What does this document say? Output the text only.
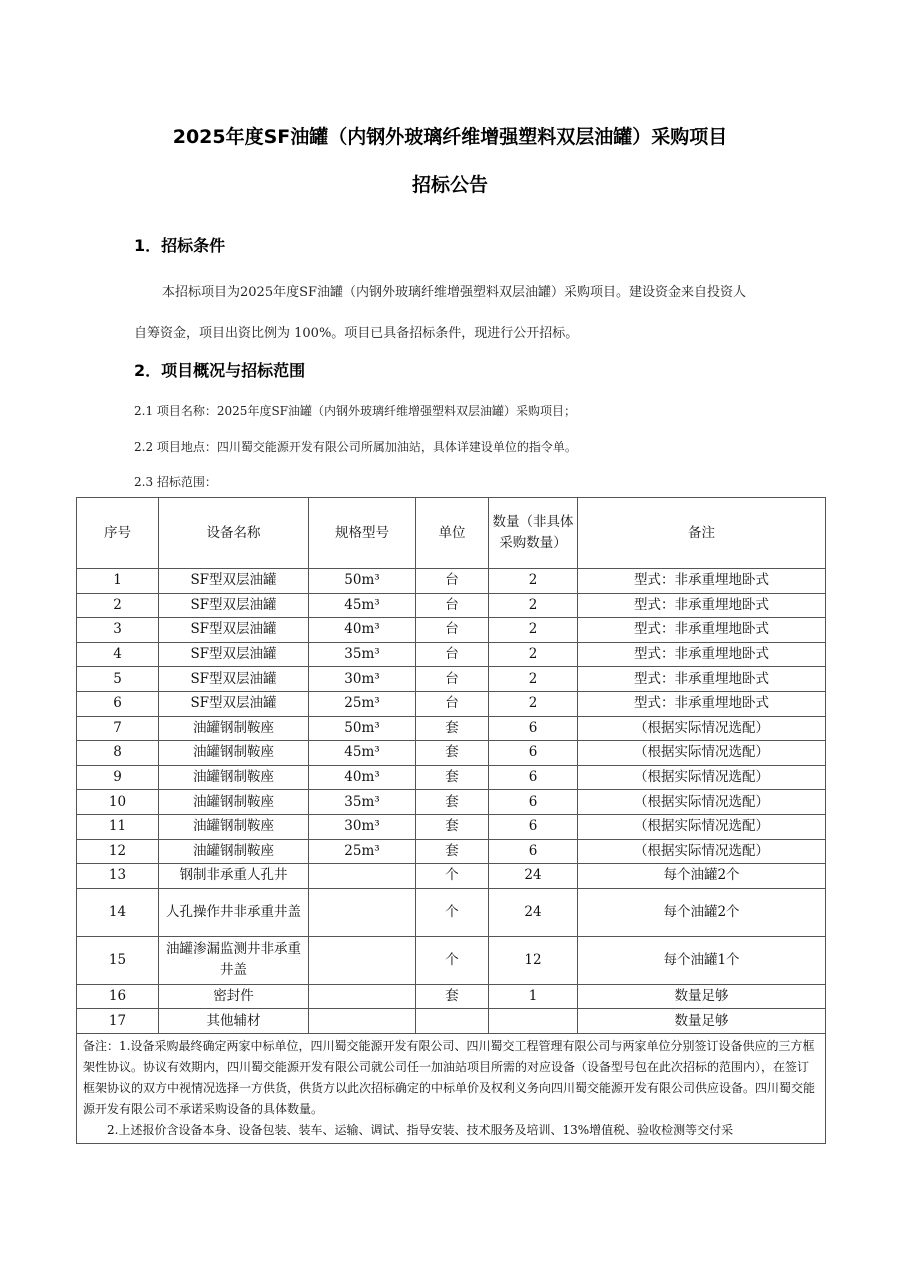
2025年度SF油罐（内钢外玻璃纤维增强塑料双层油罐）采购项目
招标公告
1．招标条件
本招标项目为2025年度SF油罐（内钢外玻璃纤维增强塑料双层油罐）采购项目。建设资金来自投资人
自筹资金，项目出资比例为 100%。项目已具备招标条件，现进行公开招标。
2．项目概况与招标范围
2.1 项目名称：2025年度SF油罐（内钢外玻璃纤维增强塑料双层油罐）采购项目；
2.2 项目地点：四川蜀交能源开发有限公司所属加油站，具体详建设单位的指令单。
2.3 招标范围：
序号	设备名称	规格型号	单位	数量（非具体采购数量）	备注
1	SF型双层油罐	50m³	台	2	型式：非承重埋地卧式
2	SF型双层油罐	45m³	台	2	型式：非承重埋地卧式
3	SF型双层油罐	40m³	台	2	型式：非承重埋地卧式
4	SF型双层油罐	35m³	台	2	型式：非承重埋地卧式
5	SF型双层油罐	30m³	台	2	型式：非承重埋地卧式
6	SF型双层油罐	25m³	台	2	型式：非承重埋地卧式
7	油罐钢制鞍座	50m³	套	6	（根据实际情况选配）
8	油罐钢制鞍座	45m³	套	6	（根据实际情况选配）
9	油罐钢制鞍座	40m³	套	6	（根据实际情况选配）
10	油罐钢制鞍座	35m³	套	6	（根据实际情况选配）
11	油罐钢制鞍座	30m³	套	6	（根据实际情况选配）
12	油罐钢制鞍座	25m³	套	6	（根据实际情况选配）
13	钢制非承重人孔井		个	24	每个油罐2个
14	人孔操作井非承重井盖		个	24	每个油罐2个
15	油罐渗漏监测井非承重井盖		个	12	每个油罐1个
16	密封件		套	1	数量足够
17	其他辅材				数量足够

备注：1.设备采购最终确定两家中标单位，四川蜀交能源开发有限公司、四川蜀交工程管理有限公司与两家单位分别签订设备供应的三方框架性协议。协议有效期内，四川蜀交能源开发有限公司就公司任一加油站项目所需的对应设备（设备型号包在此次招标的范围内），在签订框架协议的双方中视情况选择一方供货，供货方以此次招标确定的中标单价及权利义务向四川蜀交能源开发有限公司供应设备。四川蜀交能源开发有限公司不承诺采购设备的具体数量。

2.上述报价含设备本身、设备包装、装车、运输、调试、指导安装、技术服务及培训、13%增值税、验收检测等交付采					
